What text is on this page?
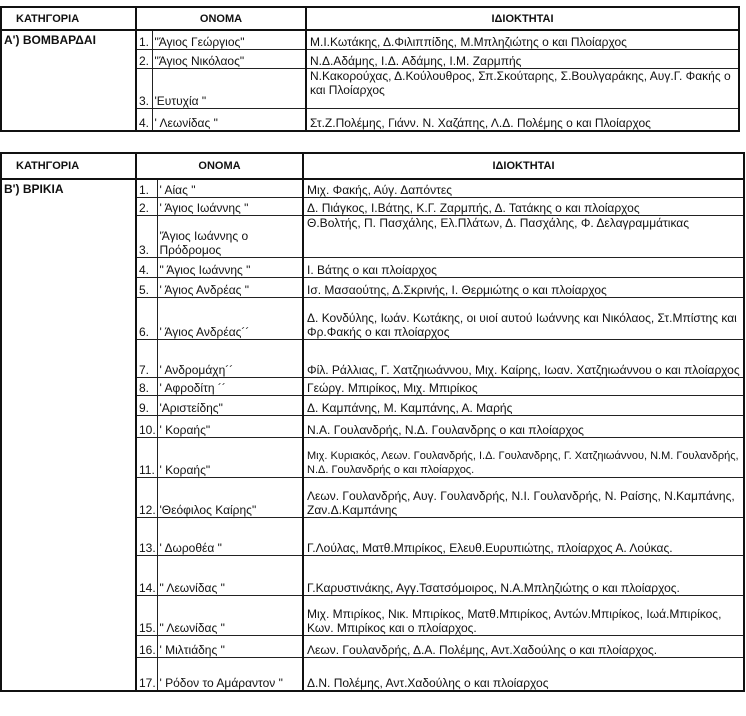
ΚΑΤΗΓΟΡΙΑ	ΟΝΟΜΑ		ΙΔΙΟΚΤΗΤΑΙ
Α') ΒΟΜΒΑΡΔΑΙ	1.	"Άγιος Γεώργιος"	Μ.Ι.Κωτάκης, Δ.Φιλιππίδης, Μ.Μπληζιώτης ο και Πλοίαρχος
	2.	"Άγιος Νικόλαος"	Ν.Δ.Αδάμης, Ι.Δ. Αδάμης, Ι.Μ. Ζαρμπής
	3.	'Ευτυχία "	Ν.Κακορούχας, Δ.Κούλουθρος, Σπ.Σκούταρης, Σ.Βουλγαράκης, Αυγ.Γ. Φακής ο και Πλοίαρχος
	4.	' Λεωνίδας "	Στ.Ζ.Πολέμης, Γιάνν. Ν. Χαζάπης, Λ.Δ. Πολέμης ο και Πλοίαρχος
ΚΑΤΗΓΟΡΙΑ	ΟΝΟΜΑ		ΙΔΙΟΚΤΗΤΑΙ
Β') ΒΡΙΚΙΑ	1.	' Αίας "	Μιχ. Φακής, Αύγ. Δαπόντες
	2.	' Άγιος Ιωάννης "	Δ. Πιάγκος, Ι.Βάτης, Κ.Γ. Ζαρμπής, Δ. Τατάκης ο και πλοίαρχος
	3.	'Άγιος Ιωάννης ο Πρόδρομος	Θ.Βολτής, Π. Πασχάλης, Ελ.Πλάτων, Δ. Πασχάλης, Φ. Δελαγραμμάτικας
	4.	" Άγιος Ιωάννης "	Ι. Βάτης ο και πλοίαρχος
	5.	' Άγιος Ανδρέας "	Ισ. Μασαούτης, Δ.Σκρινής, Ι. Θερμιώτης ο και πλοίαρχος
	6.	' Άγιος Ανδρέας´´	Δ. Κονδύλης, Ιωάν. Κωτάκης, οι υιοί αυτού Ιωάννης και Νικόλαος, Στ.Μπίστης και Φρ.Φακής ο και πλοίαρχος
	7.	' Ανδρομάχη´´	Φίλ. Ράλλιας, Γ. Χατζηιωάννου, Μιχ. Καίρης, Ιωαν. Χατζηιωάννου ο και πλοίαρχος
	8.	' Αφροδίτη ´´	Γεώργ. Μπιρίκος, Μιχ. Μπιρίκος
	9.	'Αριστείδης"	Δ. Καμπάνης, Μ. Καμπάνης, Α. Μαρής
	10.	' Κοραής"	Ν.Α. Γουλανδρής, Ν.Δ. Γουλανδρης ο και πλοίαρχος
	11.	' Κοραής"	Μιχ. Κυριακός, Λεων. Γουλανδρής, Ι.Δ. Γουλανδρης, Γ. Χατζηιωάννου, Ν.Μ. Γουλανδρής, Ν.Δ. Γουλανδρής ο και πλοίαρχος.
	12.	'Θεόφιλος Καίρης"	Λεων. Γουλανδρής, Αυγ. Γουλανδρής, Ν.Ι. Γουλανδρής, Ν. Ραίσης, Ν.Καμπάνης, Ζαν.Δ.Καμπάνης
	13.	' Δωροθέα "	Γ.Λούλας, Ματθ.Μπιρίκος, Ελευθ.Ευρυπιώτης, πλοίαρχος Α. Λούκας.
	14.	" Λεωνίδας "	Γ.Καρυστινάκης, Αγγ.Τσατσόμοιρος, Ν.Α.Μπληζιώτης ο και πλοίαρχος.
	15.	" Λεωνίδας "	Μιχ. Μπιρίκος, Νικ. Μπιρίκος, Ματθ.Μπιρίκος, Αντών.Μπιρίκος, Ιωά.Μπιρίκος, Κων. Μπιρίκος και ο πλοίαρχος.
	16.	' Μιλτιάδης "	Λεων. Γουλανδρής, Δ.Α. Πολέμης, Αντ.Χαδούλης ο και πλοίαρχος.
	17.	' Ρόδον το Αμάραντον "	Δ.Ν. Πολέμης, Αντ.Χαδούλης ο και πλοίαρχος
